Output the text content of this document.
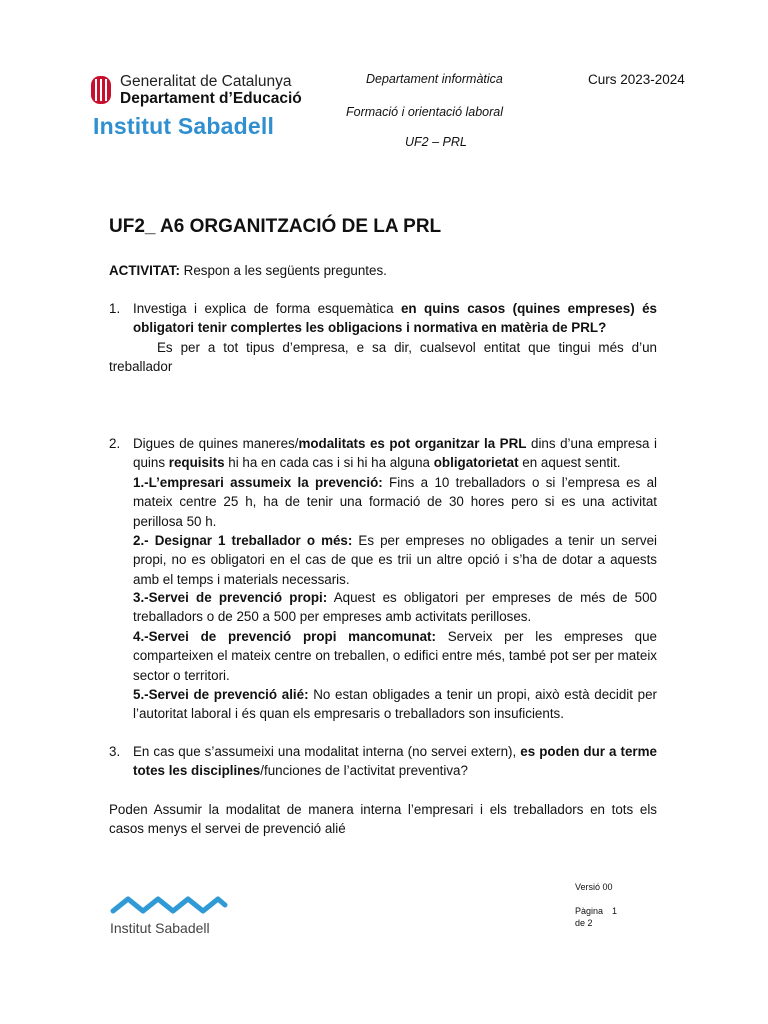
Generalitat de Catalunya
Departament d’Educació
Institut Sabadell
Departament informàtica	Curs 2023-2024
Formació i orientació laboral
UF2 – PRL
UF2_ A6 ORGANITZACIÓ DE LA PRL
ACTIVITAT: Respon a les següents preguntes.
1. Investiga i explica de forma esquemàtica en quins casos (quines empreses) és obligatori tenir complertes les obligacions i normativa en matèria de PRL?
Es per a tot tipus d’empresa, e sa dir, cualsevol entitat que tingui més d’un treballador
2. Digues de quines maneres/modalitats es pot organitzar la PRL dins d’una empresa i quins requisits hi ha en cada cas i si hi ha alguna obligatorietat en aquest sentit.
1.-L’empresari assumeix la prevenció: Fins a 10 treballadors o si l’empresa es al mateix centre 25 h, ha de tenir una formació de 30 hores pero si es una activitat perillosa 50 h.
2.- Designar 1 treballador o més: Es per empreses no obligades a tenir un servei propi, no es obligatori en el cas de que es trii un altre opció i s’ha de dotar a aquests amb el temps i materials necessaris.
3.-Servei de prevenció propi: Aquest es obligatori per empreses de més de 500 treballadors o de 250 a 500 per empreses amb activitats perilloses.
4.-Servei de prevenció propi mancomunat: Serveix per les empreses que comparteixen el mateix centre on treballen, o edifici entre més, també pot ser per mateix sector o territori.
5.-Servei de prevenció alié: No estan obligades a tenir un propi, això està decidit per l’autoritat laboral i és quan els empresaris o treballadors son insuficients.
3. En cas que s’assumeixi una modalitat interna (no servei extern), es poden dur a terme totes les disciplines/funciones de l’activitat preventiva?
Poden Assumir la modalitat de manera interna l’empresari i els treballadors en tots els casos menys el servei de prevenció alié
Institut Sabadell
Versió 00
Pàgina 1
de 2
